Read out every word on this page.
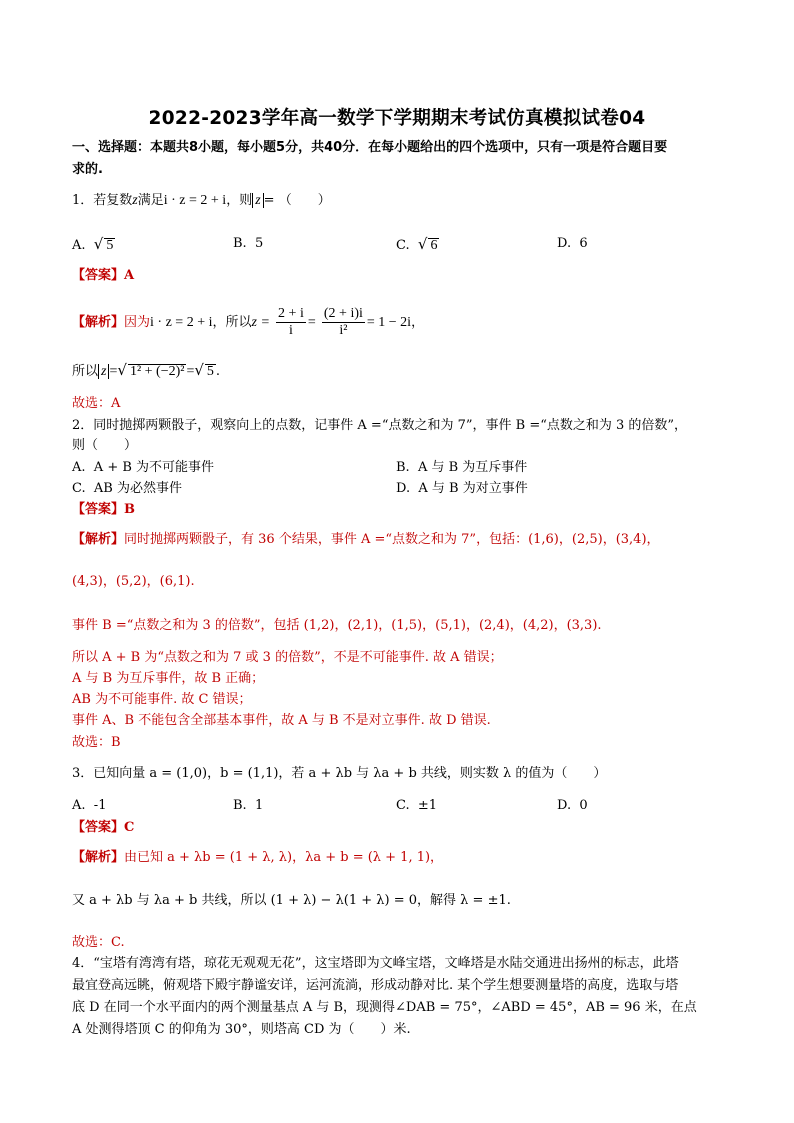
2022-2023学年高一数学下学期期末考试仿真模拟试卷04
一、选择题：本题共8小题，每小题5分，共40分．在每小题给出的四个选项中，只有一项是符合题目要
求的.
1．若复数z满足i · z = 2 + i，则 z = （　　）
A. √ 5	B. 5	C. √ 6	D. 6
【答案】A
【解析】因为i · z = 2 + i，所以$z = \frac{2 + i}{i} = \frac{(2 + i)i}{\text{i²}} = 1 - 2i$，
所以 z =√ 1² + (−2)² =√ 5 .
故选：A
2．同时抛掷两颗骰子，观察向上的点数，记事件 A =“点数之和为 7”，事件 B =“点数之和为 3 的倍数”，
则（　　）
A. A + B 为不可能事件	B. A 与 B 为互斥事件
C. AB 为必然事件	D. A 与 B 为对立事件
【答案】B
【解析】同时抛掷两颗骰子，有 36 个结果，事件 A =“点数之和为 7”，包括：(1,6)，(2,5)，(3,4)，
(4,3)，(5,2)，(6,1).
事件 B =“点数之和为 3 的倍数”，包括 (1,2)，(2,1)，(1,5)，(5,1)，(2,4)，(4,2)，(3,3).
所以 A + B 为“点数之和为 7 或 3 的倍数”，不是不可能事件. 故 A 错误；
A 与 B 为互斥事件，故 B 正确；
AB 为不可能事件. 故 C 错误；
事件 A、B 不能包含全部基本事件，故 A 与 B 不是对立事件. 故 D 错误.
故选：B
3．已知向量 a = (1,0)，b = (1,1)，若 a + λb 与 λa + b 共线，则实数 λ 的值为（　　）
A. -1	B. 1	C. ±1	D. 0
【答案】C
【解析】由已知 a + λb = (1 + λ, λ)，λa + b = (λ + 1, 1)，
又 a + λb 与 λa + b 共线，所以 (1 + λ) − λ(1 + λ) = 0，解得 λ = ±1.
故选：C.
4．“宝塔有湾湾有塔，琼花无观观无花”，这宝塔即为文峰宝塔，文峰塔是水陆交通进出扬州的标志，此塔
最宜登高远眺，俯观塔下殿宇静谧安详，运河流淌，形成动静对比. 某个学生想要测量塔的高度，选取与塔
底 D 在同一个水平面内的两个测量基点 A 与 B，现测得∠DAB = 75°，∠ABD = 45°，AB = 96 米，在点
A 处测得塔顶 C 的仰角为 30°，则塔高 CD 为（　　）米.
